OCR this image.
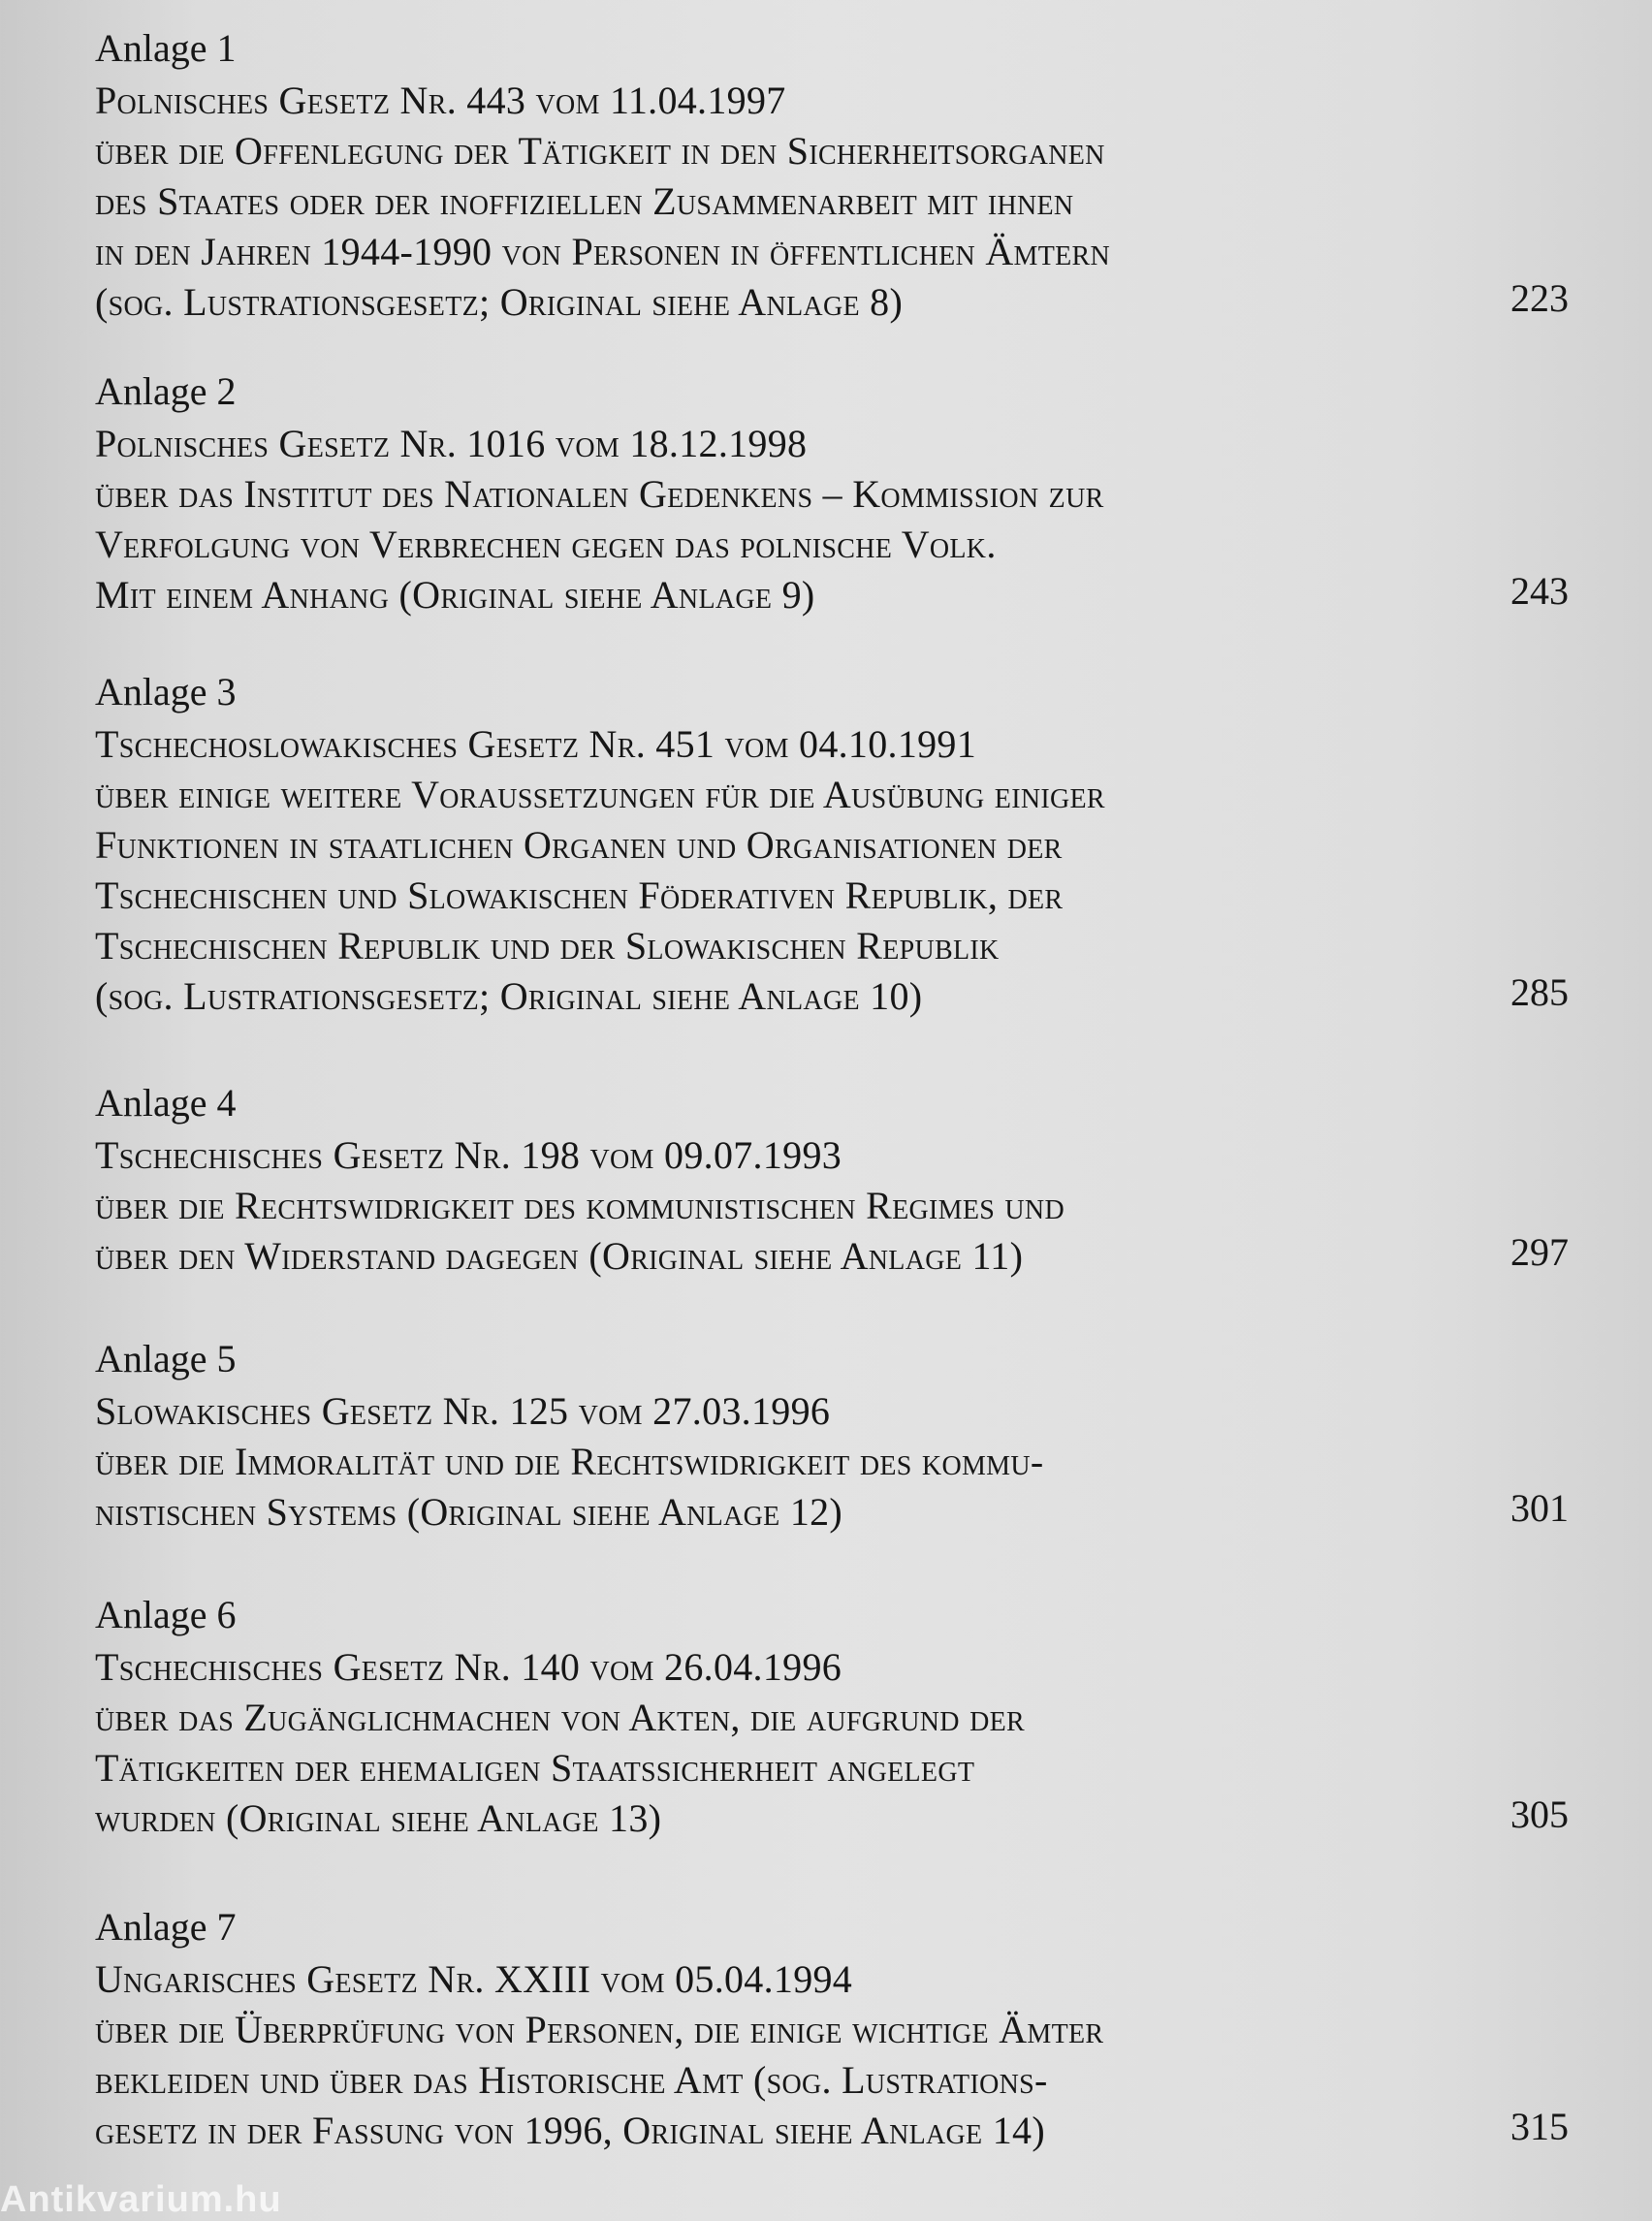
Anlage 1
Polnisches Gesetz Nr. 443 vom 11.04.1997
über die Offenlegung der Tätigkeit in den Sicherheitsorganen
des Staates oder der inoffiziellen Zusammenarbeit mit ihnen
in den Jahren 1944-1990 von Personen in öffentlichen Ämtern
(sog. Lustrationsgesetz; Original siehe Anlage 8)	223
Anlage 2
Polnisches Gesetz Nr. 1016 vom 18.12.1998
über das Institut des Nationalen Gedenkens – Kommission zur
Verfolgung von Verbrechen gegen das polnische Volk.
Mit einem Anhang (Original siehe Anlage 9)	243
Anlage 3
Tschechoslowakisches Gesetz Nr. 451 vom 04.10.1991
über einige weitere Voraussetzungen für die Ausübung einiger
Funktionen in staatlichen Organen und Organisationen der
Tschechischen und Slowakischen Föderativen Republik, der
Tschechischen Republik und der Slowakischen Republik
(sog. Lustrationsgesetz; Original siehe Anlage 10)	285
Anlage 4
Tschechisches Gesetz Nr. 198 vom 09.07.1993
über die Rechtswidrigkeit des kommunistischen Regimes und
über den Widerstand dagegen (Original siehe Anlage 11)	297
Anlage 5
Slowakisches Gesetz Nr. 125 vom 27.03.1996
über die Immoralität und die Rechtswidrigkeit des kommu-
nistischen Systems (Original siehe Anlage 12)	301
Anlage 6
Tschechisches Gesetz Nr. 140 vom 26.04.1996
über das Zugänglichmachen von Akten, die aufgrund der
Tätigkeiten der ehemaligen Staatssicherheit angelegt
wurden (Original siehe Anlage 13)	305
Anlage 7
Ungarisches Gesetz Nr. XXIII vom 05.04.1994
über die Überprüfung von Personen, die einige wichtige Ämter
bekleiden und über das Historische Amt (sog. Lustrations-
gesetz in der Fassung von 1996, Original siehe Anlage 14)	315
Antikvarium.hu
